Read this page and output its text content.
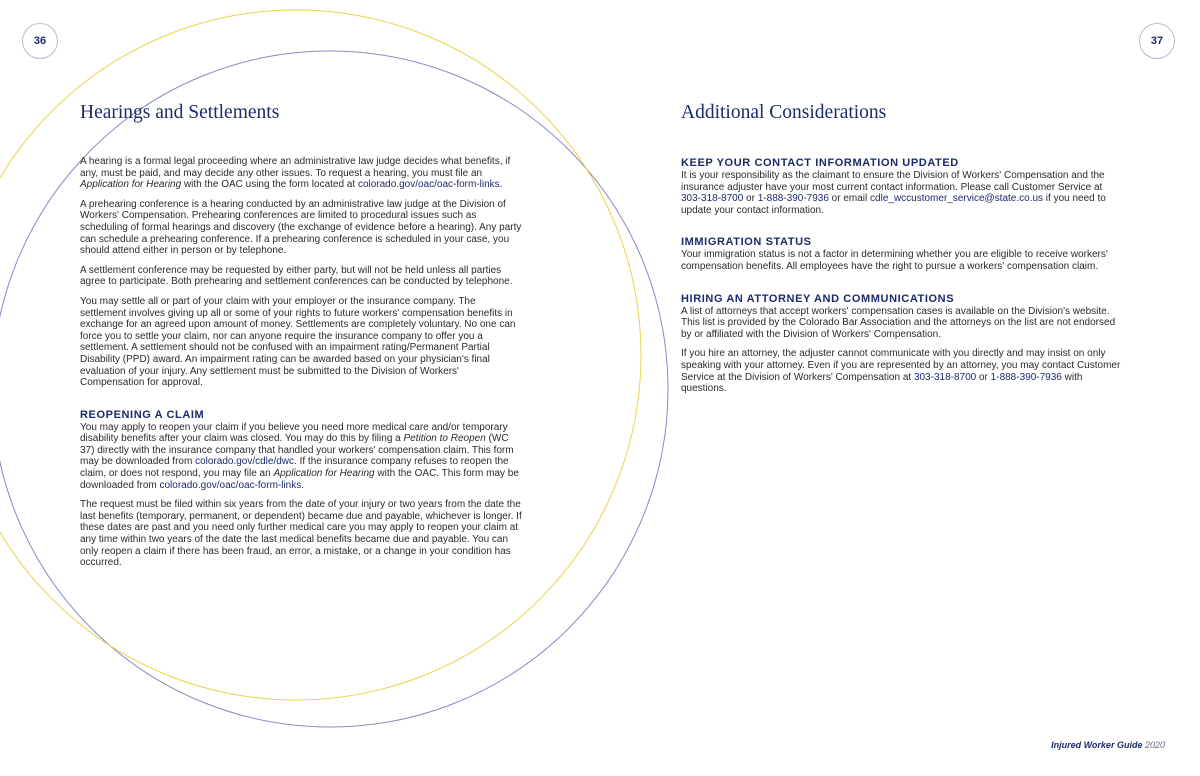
36	37
Hearings and Settlements

A hearing is a formal legal proceeding where an administrative law judge decides what benefits, if any, must be paid, and may decide any other issues. To request a hearing, you must file an Application for Hearing with the OAC using the form located at colorado.gov/oac/oac-form-links.

A prehearing conference is a hearing conducted by an administrative law judge at the Division of Workers' Compensation. Prehearing conferences are limited to procedural issues such as scheduling of formal hearings and discovery (the exchange of evidence before a hearing). Any party can schedule a prehearing conference. If a prehearing conference is scheduled in your case, you should attend either in person or by telephone.

A settlement conference may be requested by either party, but will not be held unless all parties agree to participate. Both prehearing and settlement conferences can be conducted by telephone.

You may settle all or part of your claim with your employer or the insurance company. The settlement involves giving up all or some of your rights to future workers' compensation benefits in exchange for an agreed upon amount of money. Settlements are completely voluntary. No one can force you to settle your claim, nor can anyone require the insurance company to offer you a settlement. A settlement should not be confused with an impairment rating/Permanent Partial Disability (PPD) award. An impairment rating can be awarded based on your physician's final evaluation of your injury. Any settlement must be submitted to the Division of Workers' Compensation for approval.

REOPENING A CLAIM

You may apply to reopen your claim if you believe you need more medical care and/or temporary disability benefits after your claim was closed. You may do this by filing a Petition to Reopen (WC 37) directly with the insurance company that handled your workers' compensation claim. This form may be downloaded from colorado.gov/cdle/dwc. If the insurance company refuses to reopen the claim, or does not respond, you may file an Application for Hearing with the OAC. This form may be downloaded from colorado.gov/oac/oac-form-links.

The request must be filed within six years from the date of your injury or two years from the date the last benefits (temporary, permanent, or dependent) became due and payable, whichever is longer. If these dates are past and you need only further medical care you may apply to reopen your claim at any time within two years of the date the last medical benefits became due and payable. You can only reopen a claim if there has been fraud, an error, a mistake, or a change in your condition has occurred.

Additional Considerations
KEEP YOUR CONTACT INFORMATION UPDATED

It is your responsibility as the claimant to ensure the Division of Workers' Compensation and the insurance adjuster have your most current contact information. Please call Customer Service at 303-318-8700 or 1-888-390-7936 or email cdle_wccustomer_service@state.co.us if you need to update your contact information.

IMMIGRATION STATUS

Your immigration status is not a factor in determining whether you are eligible to receive workers' compensation benefits. All employees have the right to pursue a workers' compensation claim.

HIRING AN ATTORNEY AND COMMUNICATIONS

A list of attorneys that accept workers' compensation cases is available on the Division's website. This list is provided by the Colorado Bar Association and the attorneys on the list are not endorsed by or affiliated with the Division of Workers' Compensation.

If you hire an attorney, the adjuster cannot communicate with you directly and may insist on only speaking with your attorney. Even if you are represented by an attorney, you may contact Customer Service at the Division of Workers' Compensation at 303-318-8700 or 1-888-390-7936 with questions.

Injured Worker Guide 2020
